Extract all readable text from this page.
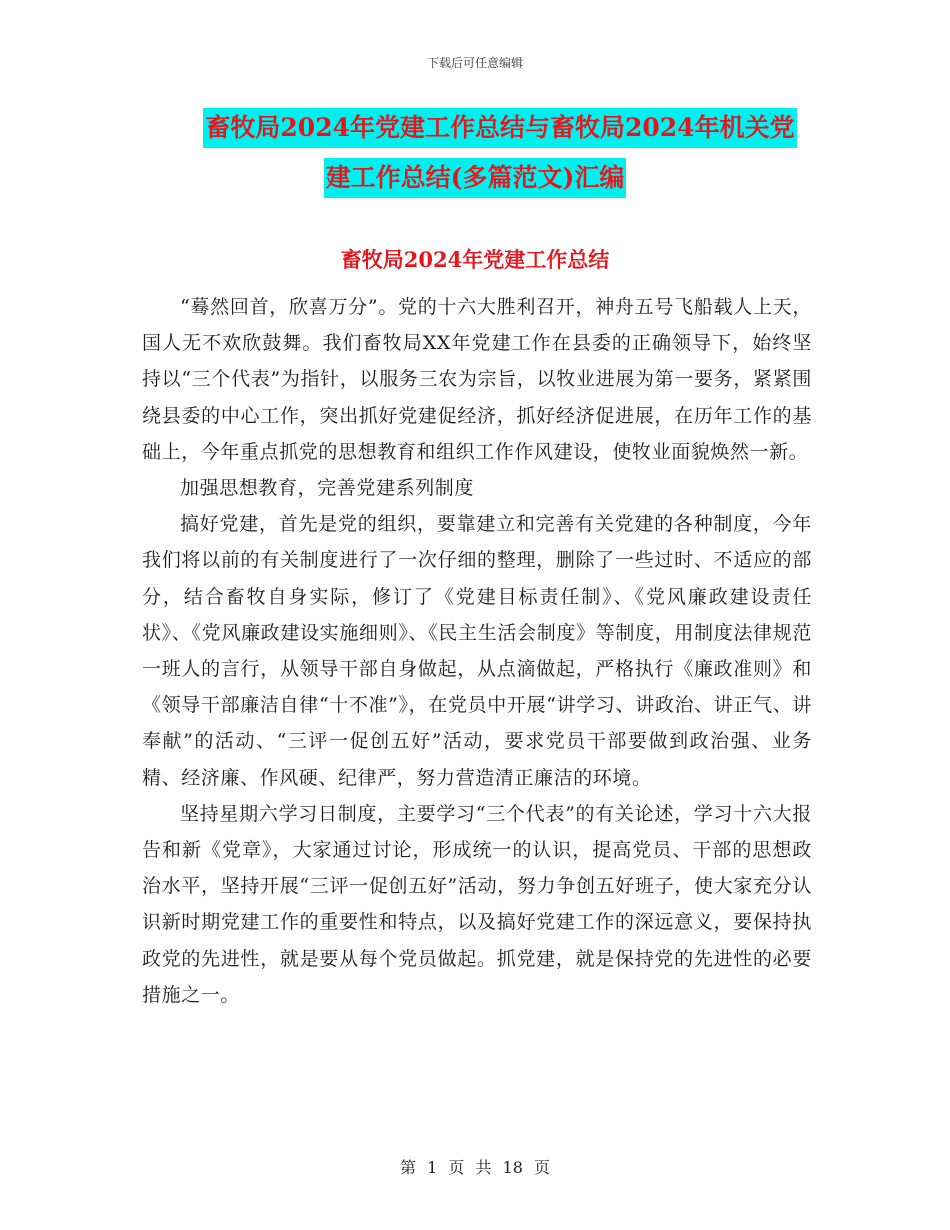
下载后可任意编辑
畜牧局2024年党建工作总结与畜牧局2024年机关党
建工作总结(多篇范文)汇编
畜牧局2024年党建工作总结

“蓦然回首，欣喜万分”。党的十六大胜利召开，神舟五号飞船载人上天，国人无不欢欣鼓舞。我们畜牧局XX年党建工作在县委的正确领导下，始终坚持以“三个代表”为指针，以服务三农为宗旨，以牧业进展为第一要务，紧紧围绕县委的中心工作，突出抓好党建促经济，抓好经济促进展，在历年工作的基础上，今年重点抓党的思想教育和组织工作作风建设，使牧业面貌焕然一新。

加强思想教育，完善党建系列制度

搞好党建，首先是党的组织，要靠建立和完善有关党建的各种制度，今年我们将以前的有关制度进行了一次仔细的整理，删除了一些过时、不适应的部分，结合畜牧自身实际，修订了《党建目标责任制》、《党风廉政建设责任状》、《党风廉政建设实施细则》、《民主生活会制度》等制度，用制度法律规范一班人的言行，从领导干部自身做起，从点滴做起，严格执行《廉政准则》和《领导干部廉洁自律“十不准”》，在党员中开展“讲学习、讲政治、讲正气、讲奉献”的活动、“三评一促创五好”活动，要求党员干部要做到政治强、业务精、经济廉、作风硬、纪律严，努力营造清正廉洁的环境。

坚持星期六学习日制度，主要学习“三个代表”的有关论述，学习十六大报告和新《党章》，大家通过讨论，形成统一的认识，提高党员、干部的思想政治水平，坚持开展“三评一促创五好”活动，努力争创五好班子，使大家充分认识新时期党建工作的重要性和特点，以及搞好党建工作的深远意义，要保持执政党的先进性，就是要从每个党员做起。抓党建，就是保持党的先进性的必要措施之一。

第 1 页 共 18 页
